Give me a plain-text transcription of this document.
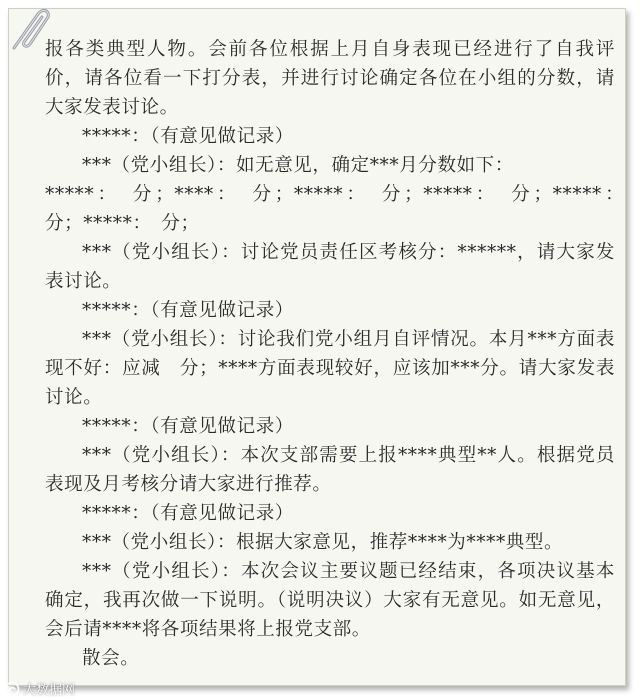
报各类典型人物。会前各位根据上月自身表现已经进行了自我评价，请各位看一下打分表，并进行讨论确定各位在小组的分数，请大家发表讨论。

*****：（有意见做记录）

***（党小组长）：如无意见，确定***月分数如下：

*****：　分；****：　分；*****：　分；*****：　分；*****：　分；*****：　分；

***（党小组长）：讨论党员责任区考核分：******，请大家发表讨论。

*****：（有意见做记录）

***（党小组长）：讨论我们党小组月自评情况。本月***方面表现不好：应减　分；****方面表现较好，应该加***分。请大家发表讨论。

*****：（有意见做记录）

***（党小组长）：本次支部需要上报****典型**人。根据党员表现及月考核分请大家进行推荐。

*****：（有意见做记录）

***（党小组长）：根据大家意见，推荐****为****典型。

***（党小组长）：本次会议主要议题已经结束，各项决议基本确定，我再次做一下说明。（说明决议）大家有无意见。如无意见，会后请****将各项结果将上报党支部。

散会。

大数据网
